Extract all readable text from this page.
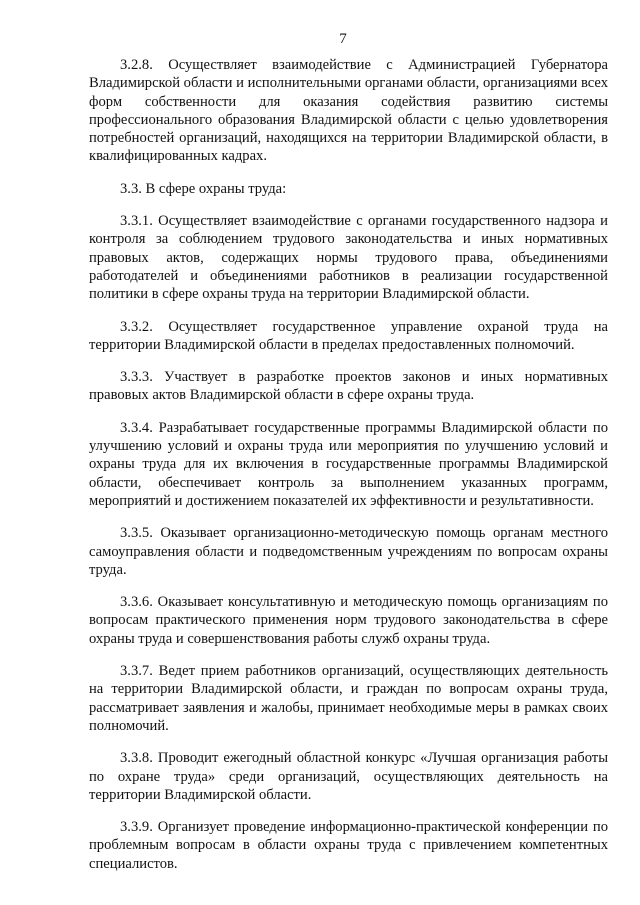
7

3.2.8. Осуществляет взаимодействие с Администрацией Губернатора Владимирской области и исполнительными органами области, организациями всех форм собственности для оказания содействия развитию системы профессионального образования Владимирской области с целью удовлетворения потребностей организаций, находящихся на территории Владимирской области, в квалифицированных кадрах.

3.3. В сфере охраны труда:

3.3.1. Осуществляет взаимодействие с органами государственного надзора и контроля за соблюдением трудового законодательства и иных нормативных правовых актов, содержащих нормы трудового права, объединениями работодателей и объединениями работников в реализации государственной политики в сфере охраны труда на территории Владимирской области.

3.3.2. Осуществляет государственное управление охраной труда на территории Владимирской области в пределах предоставленных полномочий.

3.3.3. Участвует в разработке проектов законов и иных нормативных правовых актов Владимирской области в сфере охраны труда.

3.3.4. Разрабатывает государственные программы Владимирской области по улучшению условий и охраны труда или мероприятия по улучшению условий и охраны труда для их включения в государственные программы Владимирской области, обеспечивает контроль за выполнением указанных программ, мероприятий и достижением показателей их эффективности и результативности.

3.3.5. Оказывает организационно-методическую помощь органам местного самоуправления области и подведомственным учреждениям по вопросам охраны труда.

3.3.6. Оказывает консультативную и методическую помощь организациям по вопросам практического применения норм трудового законодательства в сфере охраны труда и совершенствования работы служб охраны труда.

3.3.7. Ведет прием работников организаций, осуществляющих деятельность на территории Владимирской области, и граждан по вопросам охраны труда, рассматривает заявления и жалобы, принимает необходимые меры в рамках своих полномочий.

3.3.8. Проводит ежегодный областной конкурс «Лучшая организация работы по охране труда» среди организаций, осуществляющих деятельность на территории Владимирской области.

3.3.9. Организует проведение информационно-практической конференции по проблемным вопросам в области охраны труда с привлечением компетентных специалистов.
